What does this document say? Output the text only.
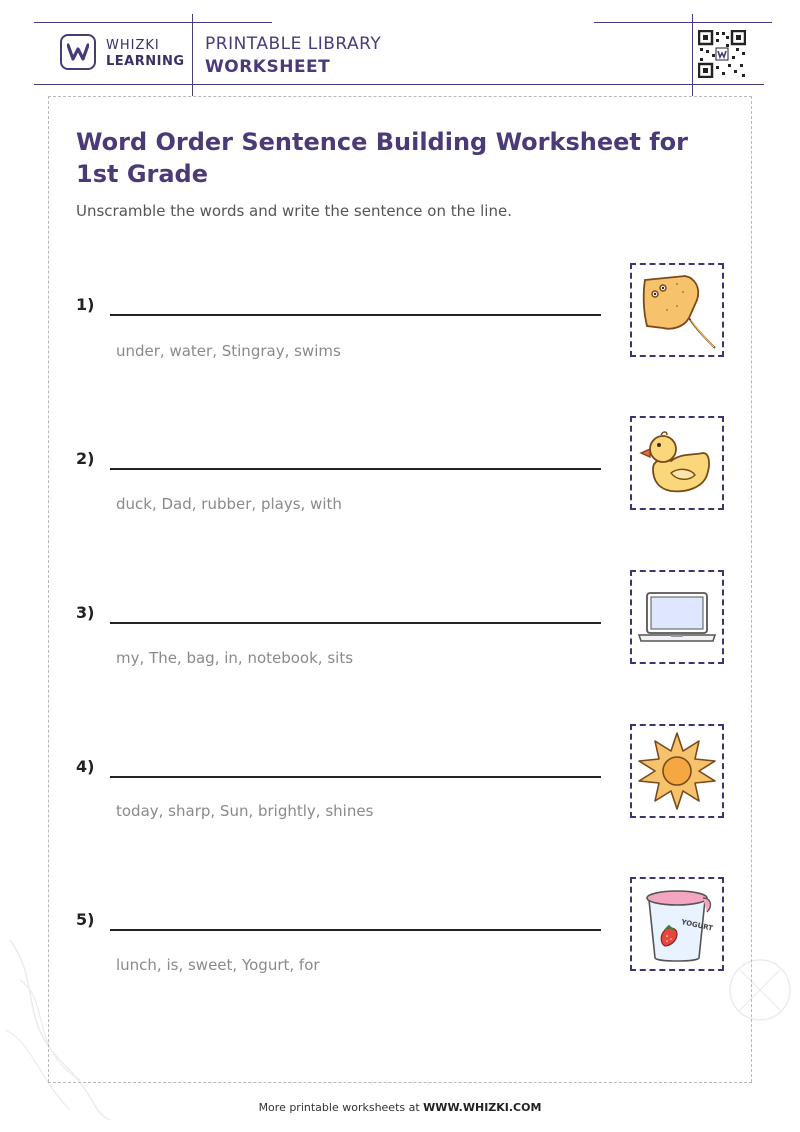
WHIZKI
LEARNING
PRINTABLE LIBRARY
WORKSHEET
Word Order Sentence Building Worksheet for 1st Grade
Unscramble the words and write the sentence on the line.
1)
under, water, Stingray, swims
2)
duck, Dad, rubber, plays, with
3)
my, The, bag, in, notebook, sits
4)
today, sharp, Sun, brightly, shines
5)
lunch, is, sweet, Yogurt, for
YOGURT
More printable worksheets at WWW.WHIZKI.COM
